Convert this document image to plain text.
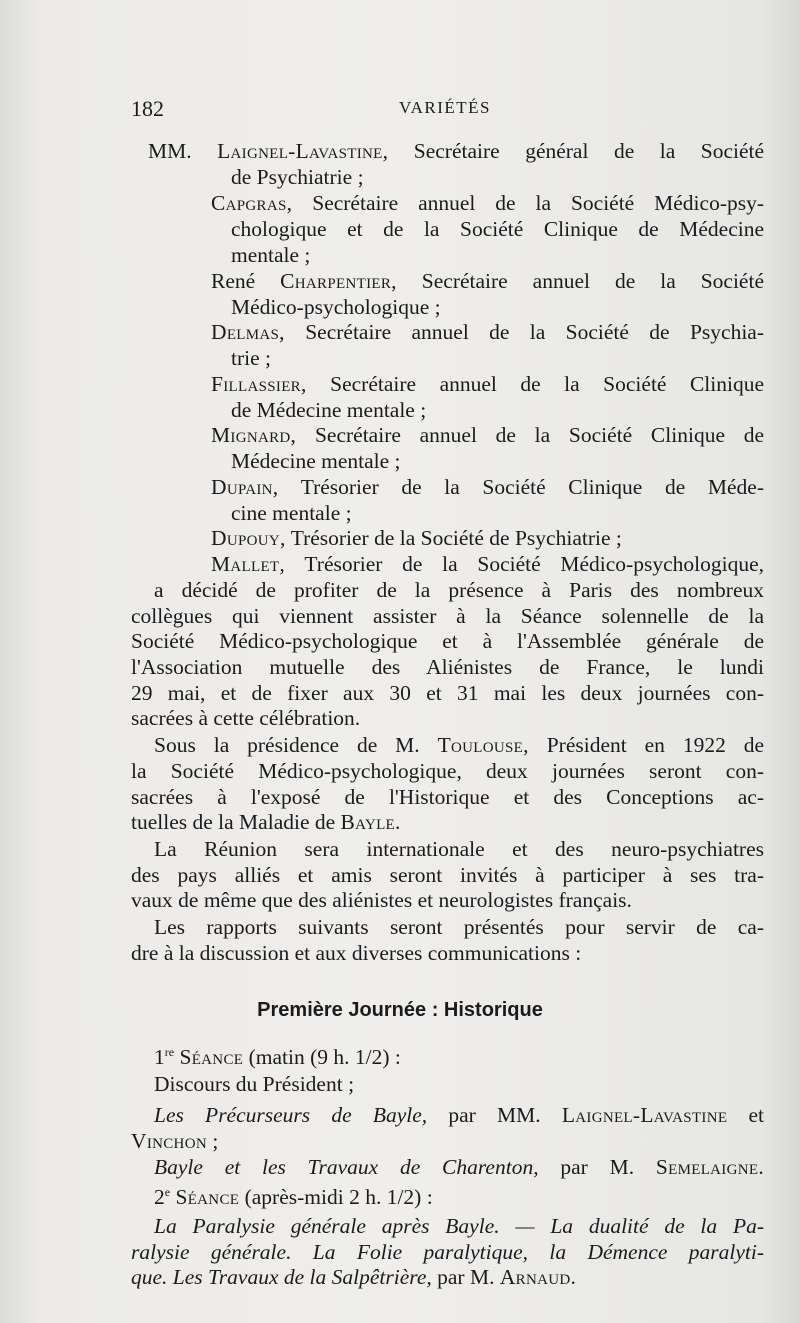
182	VARIÉTÉS
MM. Laignel-Lavastine, Secrétaire général de la Société
de Psychiatrie ;
Capgras, Secrétaire annuel de la Société Médico-psy-
chologique et de la Société Clinique de Médecine
mentale ;
René Charpentier, Secrétaire annuel de la Société
Médico-psychologique ;
Delmas, Secrétaire annuel de la Société de Psychia-
trie ;
Fillassier, Secrétaire annuel de la Société Clinique
de Médecine mentale ;
Mignard, Secrétaire annuel de la Société Clinique de
Médecine mentale ;
Dupain, Trésorier de la Société Clinique de Méde-
cine mentale ;
Dupouy, Trésorier de la Société de Psychiatrie ;
Mallet, Trésorier de la Société Médico-psychologique,
a décidé de profiter de la présence à Paris des nombreux
collègues qui viennent assister à la Séance solennelle de la
Société Médico-psychologique et à l'Assemblée générale de
l'Association mutuelle des Aliénistes de France, le lundi
29 mai, et de fixer aux 30 et 31 mai les deux journées con-
sacrées à cette célébration.
Sous la présidence de M. Toulouse, Président en 1922 de
la Société Médico-psychologique, deux journées seront con-
sacrées à l'exposé de l'Historique et des Conceptions ac-
tuelles de la Maladie de Bayle.
La Réunion sera internationale et des neuro-psychiatres
des pays alliés et amis seront invités à participer à ses tra-
vaux de même que des aliénistes et neurologistes français.
Les rapports suivants seront présentés pour servir de ca-
dre à la discussion et aux diverses communications :
Première Journée : Historique
1re Séance (matin (9 h. 1/2) :
Discours du Président ;
Les Précurseurs de Bayle, par MM. Laignel-Lavastine et
Vinchon ;
Bayle et les Travaux de Charenton, par M. Semelaigne.
2e Séance (après-midi 2 h. 1/2) :
La Paralysie générale après Bayle. — La dualité de la Pa-
ralysie générale. La Folie paralytique, la Démence paralyti-
que. Les Travaux de la Salpêtrière, par M. Arnaud.
